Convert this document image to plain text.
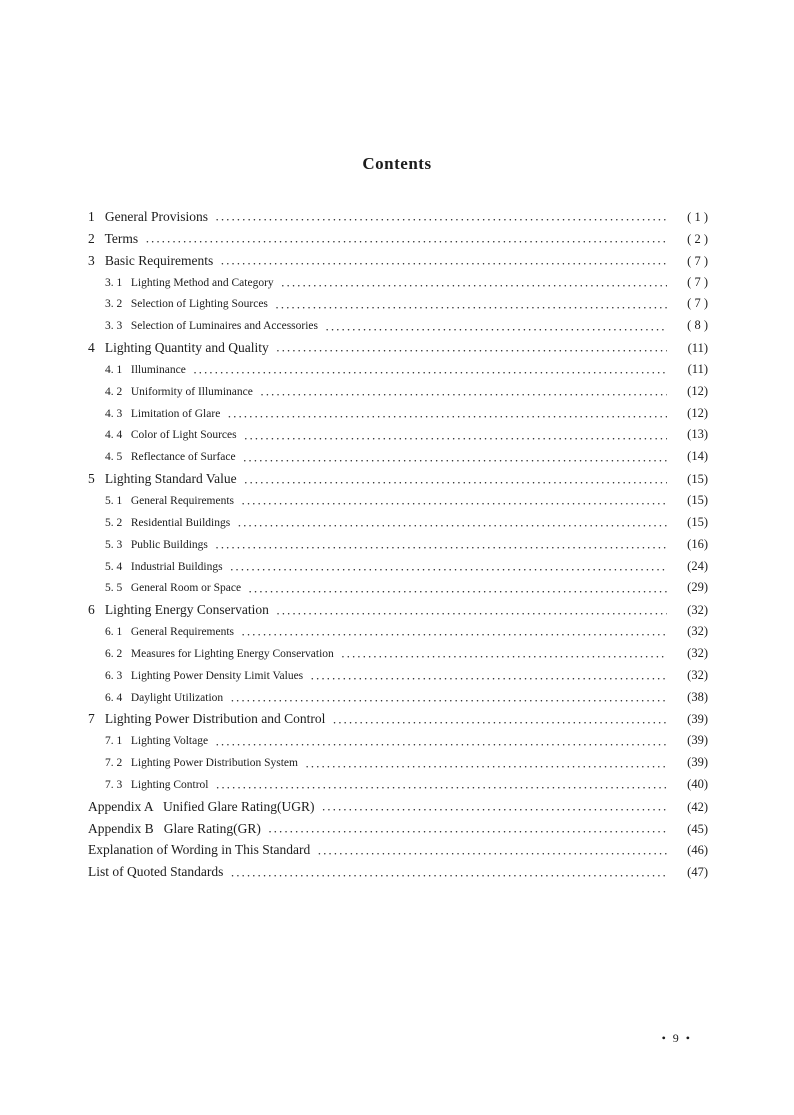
Contents
1   General Provisions ·····	( 1 )
2   Terms ·····	( 2 )
3   Basic Requirements ·····	( 7 )
3. 1   Lighting Method and Category ·····	( 7 )
3. 2   Selection of Lighting Sources ·····	( 7 )
3. 3   Selection of Luminaires and Accessories ·····	( 8 )
4   Lighting Quantity and Quality ·····	(11)
4. 1   Illuminance ·····	(11)
4. 2   Uniformity of Illuminance ·····	(12)
4. 3   Limitation of Glare ·····	(12)
4. 4   Color of Light Sources ·····	(13)
4. 5   Reflectance of Surface ·····	(14)
5   Lighting Standard Value ·····	(15)
5. 1   General Requirements ·····	(15)
5. 2   Residential Buildings ·····	(15)
5. 3   Public Buildings ·····	(16)
5. 4   Industrial Buildings ·····	(24)
5. 5   General Room or Space ·····	(29)
6   Lighting Energy Conservation ·····	(32)
6. 1   General Requirements ·····	(32)
6. 2   Measures for Lighting Energy Conservation ·····	(32)
6. 3   Lighting Power Density Limit Values ·····	(32)
6. 4   Daylight Utilization ·····	(38)
7   Lighting Power Distribution and Control ·····	(39)
7. 1   Lighting Voltage ·····	(39)
7. 2   Lighting Power Distribution System ·····	(39)
7. 3   Lighting Control ·····	(40)
Appendix A   Unified Glare Rating(UGR) ·····	(42)
Appendix B   Glare Rating(GR) ·····	(45)
Explanation of Wording in This Standard ·····	(46)
List of Quoted Standards ·····	(47)
• 9 •
